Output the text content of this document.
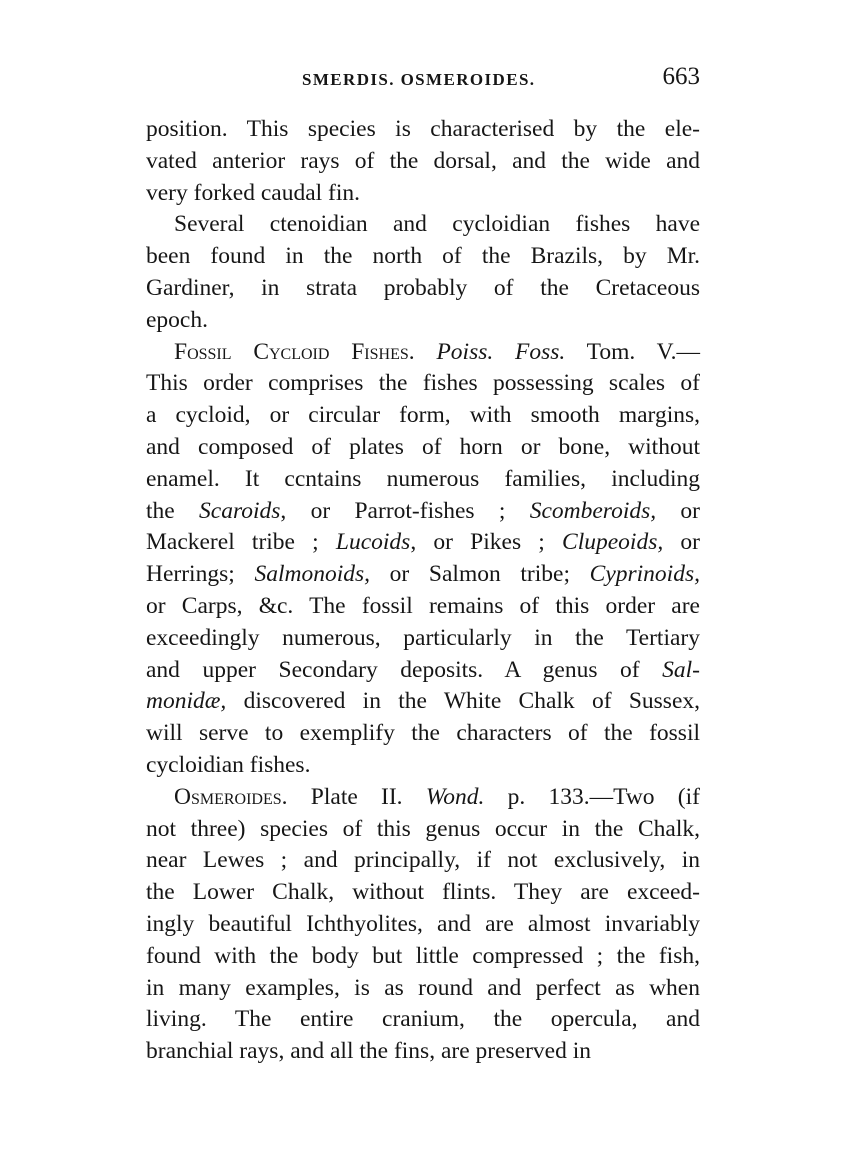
SMERDIS. OSMEROIDES.	663
position. This species is characterised by the ele-
vated anterior rays of the dorsal, and the wide and
very forked caudal fin.
Several ctenoidian and cycloidian fishes have
been found in the north of the Brazils, by Mr.
Gardiner, in strata probably of the Cretaceous
epoch.
Fossil Cycloid Fishes. Poiss. Foss. Tom. V.—
This order comprises the fishes possessing scales of
a cycloid, or circular form, with smooth margins,
and composed of plates of horn or bone, without
enamel. It ccntains numerous families, including
the Scaroids, or Parrot-fishes ; Scomberoids, or
Mackerel tribe ; Lucoids, or Pikes ; Clupeoids, or
Herrings; Salmonoids, or Salmon tribe; Cyprinoids,
or Carps, &c. The fossil remains of this order are
exceedingly numerous, particularly in the Tertiary
and upper Secondary deposits. A genus of Sal-
monidæ, discovered in the White Chalk of Sussex,
will serve to exemplify the characters of the fossil
cycloidian fishes.
Osmeroides. Plate II. Wond. p. 133.—Two (if
not three) species of this genus occur in the Chalk,
near Lewes ; and principally, if not exclusively, in
the Lower Chalk, without flints. They are exceed-
ingly beautiful Ichthyolites, and are almost invariably
found with the body but little compressed ; the fish,
in many examples, is as round and perfect as when
living. The entire cranium, the opercula, and
branchial rays, and all the fins, are preserved in
